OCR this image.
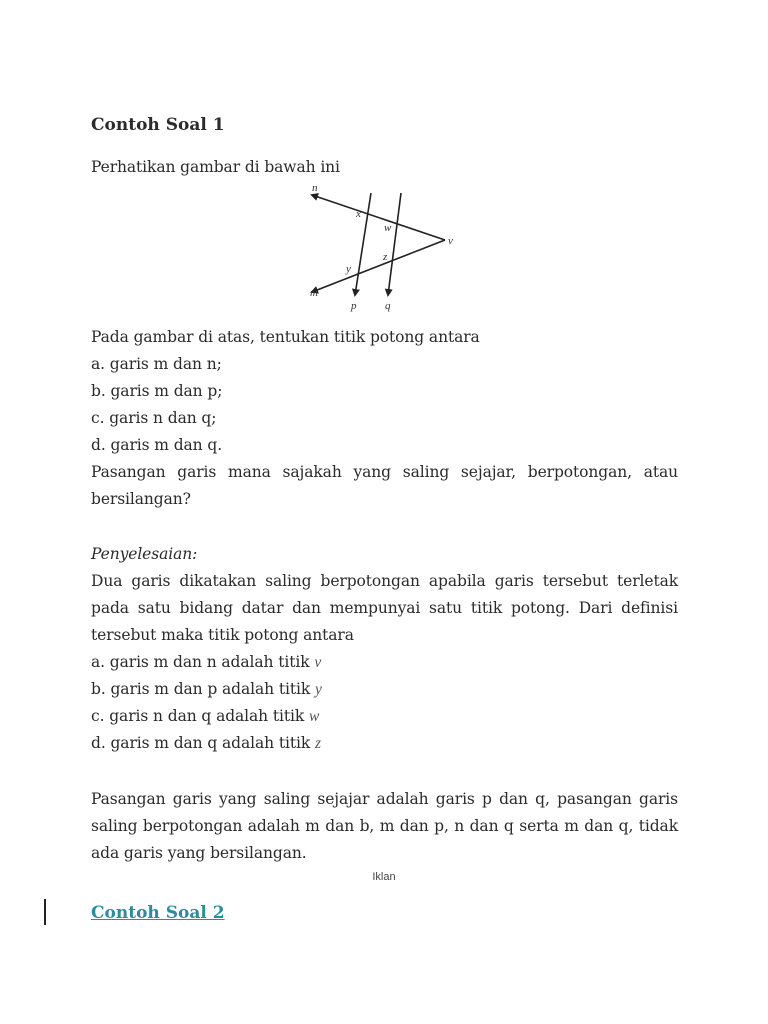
Contoh Soal 1

Perhatikan gambar di bawah ini

n
m
x
w
v
y
z
p	q

Pada gambar di atas, tentukan titik potong antara

a. garis m dan n;

b. garis m dan p;

c. garis n dan q;

d. garis m dan q.

Pasangan garis mana sajakah yang saling sejajar, berpotongan, atau bersilangan?

Penyelesaian:

Dua garis dikatakan saling berpotongan apabila garis tersebut terletak pada satu bidang datar dan mempunyai satu titik potong. Dari definisi tersebut maka titik potong antara

a. garis m dan n adalah titik v

b. garis m dan p adalah titik y

c. garis n dan q adalah titik w

d. garis m dan q adalah titik z

Pasangan garis yang saling sejajar adalah garis p dan q, pasangan garis saling berpotongan adalah m dan b, m dan p, n dan q serta m dan q, tidak ada garis yang bersilangan.

Iklan

Contoh Soal 2
